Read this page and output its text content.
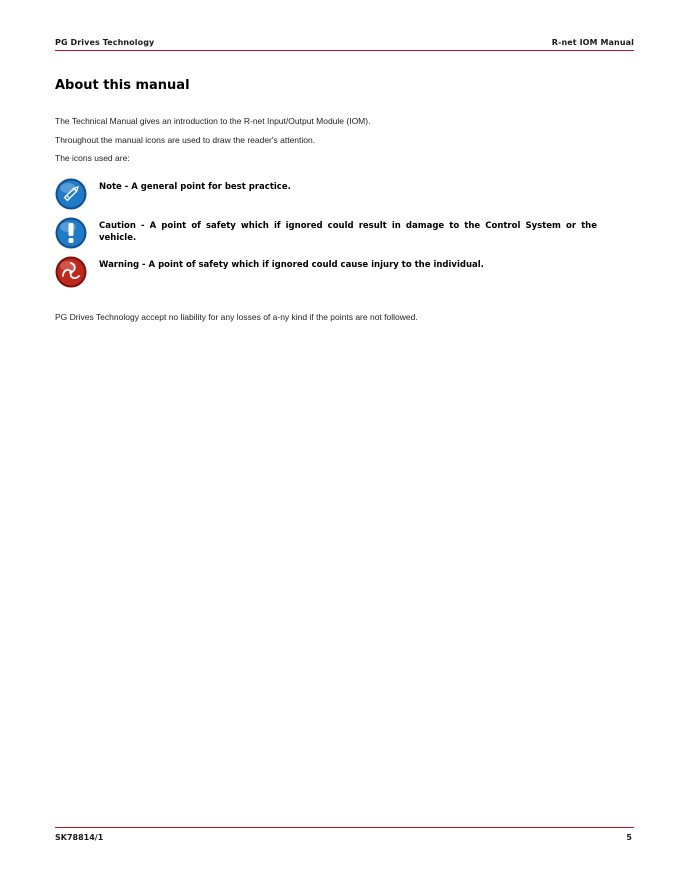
PG Drives Technology	R-net IOM Manual
About this manual
The Technical Manual gives an introduction to the R-net Input/Output Module (IOM).
Throughout the manual icons are used to draw the reader's attention.
The icons used are:
Note - A general point for best practice.
Caution - A point of safety which if ignored could result in damage to the Control System or the vehicle.
Warning - A point of safety which if ignored could cause injury to the individual.
PG Drives Technology accept no liability for any losses of a-ny kind if the points are not followed.
SK78814/1	5
